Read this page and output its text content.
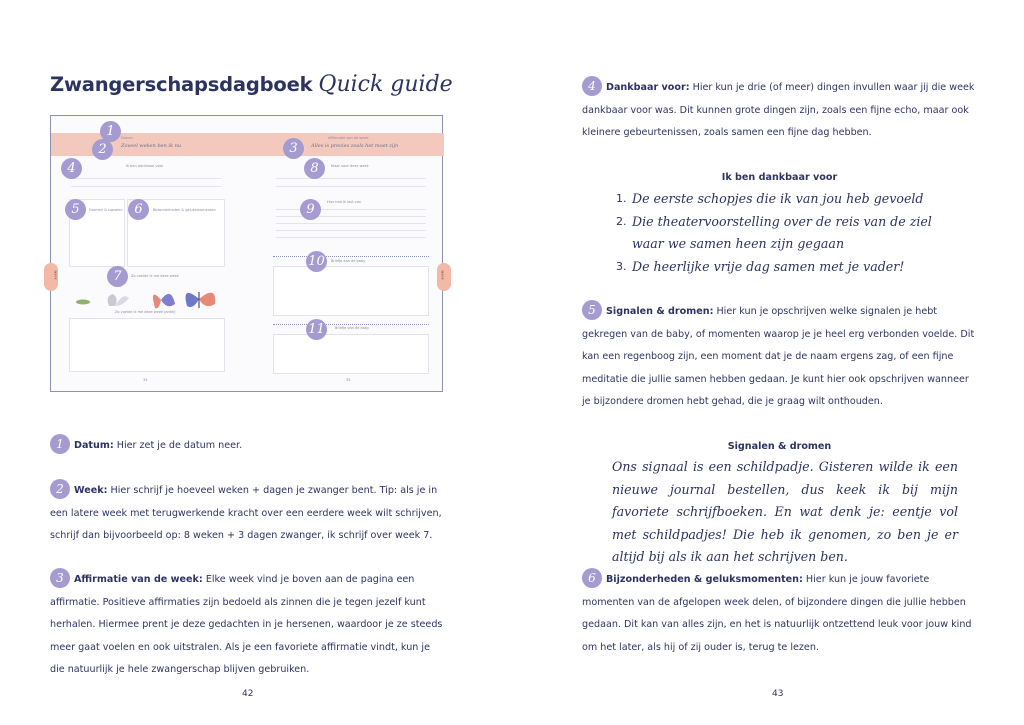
Zwangerschapsdagboek Quick guide
Datum
Zoveel weken ben ik nu
Affirmatie van de week
Alles is precies zoals het moet zijn
Ik ben dankbaar voor
Dromen & signalen	Bijzonderheden & geluksmomenten
Zo voelde ik me deze week
Zo voelde ik me deze week (antik)
34
Klaar voor deze week
Hier heb ik last van
Briefje aan de baby
Briefje van de baby
35
week	week
1
2	3
4
5	6
7
8
9
10
11
1 Datum: Hier zet je de datum neer.
2 Week: Hier schrijf je hoeveel weken + dagen je zwanger bent. Tip: als je in een latere week met terugwerkende kracht over een eerdere week wilt schrijven, schrijf dan bijvoorbeeld op: 8 weken + 3 dagen zwanger, ik schrijf over week 7.
3 Affirmatie van de week: Elke week vind je boven aan de pagina een affirmatie. Positieve affirmaties zijn bedoeld als zinnen die je tegen jezelf kunt herhalen. Hiermee prent je deze gedachten in je hersenen, waardoor je ze steeds meer gaat voelen en ook uitstralen. Als je een favoriete affirmatie vindt, kun je die natuurlijk je hele zwangerschap blijven gebruiken.
42
4 Dankbaar voor: Hier kun je drie (of meer) dingen invullen waar jij die week dankbaar voor was. Dit kunnen grote dingen zijn, zoals een fijne echo, maar ook kleinere gebeurtenissen, zoals samen een fijne dag hebben.
Ik ben dankbaar voor
1. De eerste schopjes die ik van jou heb gevoeld
2. Die theatervoorstelling over de reis van de ziel waar we samen heen zijn gegaan
3. De heerlijke vrije dag samen met je vader!
5 Signalen & dromen: Hier kun je opschrijven welke signalen je hebt gekregen van de baby, of momenten waarop je je heel erg verbonden voelde. Dit kan een regenboog zijn, een moment dat je de naam ergens zag, of een fijne meditatie die jullie samen hebben gedaan. Je kunt hier ook opschrijven wanneer je bijzondere dromen hebt gehad, die je graag wilt onthouden.
Signalen & dromen
Ons signaal is een schildpadje. Gisteren wilde ik een nieuwe journal bestellen, dus keek ik bij mijn favoriete schrijfboeken. En wat denk je: eentje vol met schildpadjes! Die heb ik genomen, zo ben je er altijd bij als ik aan het schrijven ben.
6 Bijzonderheden & geluksmomenten: Hier kun je jouw favoriete momenten van de afgelopen week delen, of bijzondere dingen die jullie hebben gedaan. Dit kan van alles zijn, en het is natuurlijk ontzettend leuk voor jouw kind om het later, als hij of zij ouder is, terug te lezen.
43
